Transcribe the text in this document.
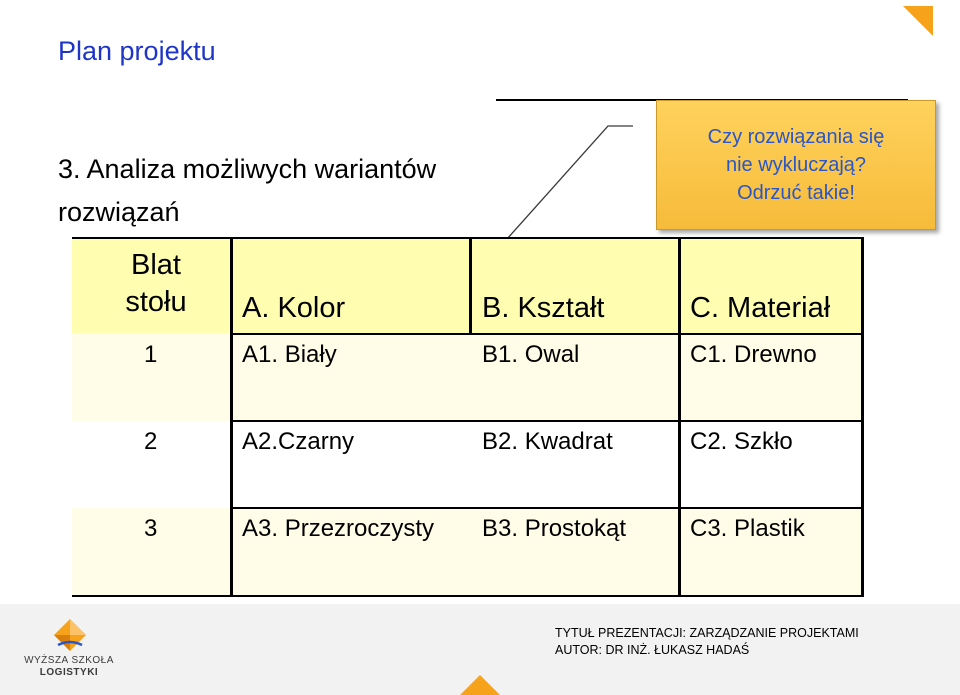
Plan projektu
3. Analiza możliwych wariantów
rozwiązań
Czy rozwiązania się
nie wykluczają?
Odrzuć takie!
Blat
stołu	A. Kolor	B. Kształt	C. Materiał
1	A1. Biały	B1. Owal	C1. Drewno
2	A2.Czarny	B2. Kwadrat	C2. Szkło
3	A3. Przezroczysty B3. Prostokąt	C3. Plastik
WYŻSZA SZKOŁA
LOGISTYKI
TYTUŁ PREZENTACJI: ZARZĄDZANIE PROJEKTAMI
AUTOR: DR INŻ. ŁUKASZ HADAŚ
